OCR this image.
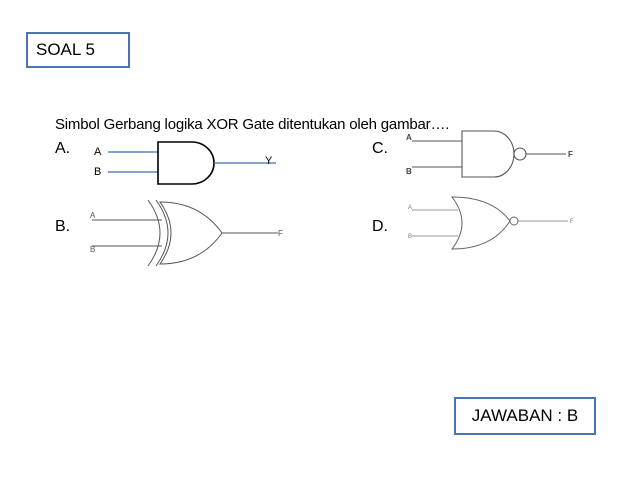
SOAL 5
Simbol Gerbang logika XOR Gate ditentukan oleh gambar….
A.
B.
C.
D.
A
B
Y
A
B
F
A
B
F
A
B
F
JAWABAN : B
